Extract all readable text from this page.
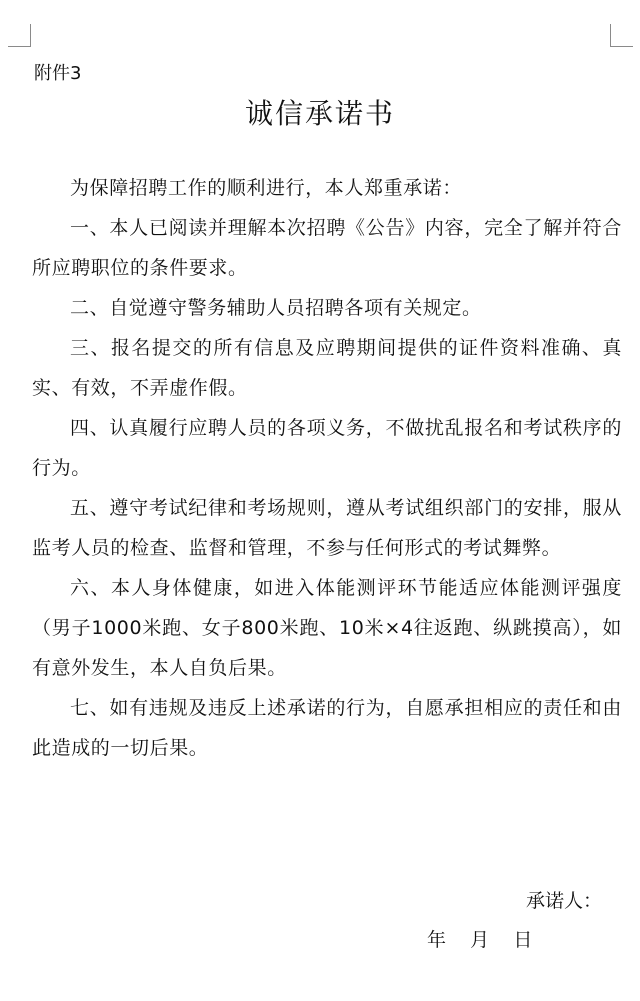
附件3
诚信承诺书

为保障招聘工作的顺利进行，本人郑重承诺：

一、本人已阅读并理解本次招聘《公告》内容，完全了解并符合所应聘职位的条件要求。

二、自觉遵守警务辅助人员招聘各项有关规定。

三、报名提交的所有信息及应聘期间提供的证件资料准确、真实、有效，不弄虚作假。

四、认真履行应聘人员的各项义务，不做扰乱报名和考试秩序的行为。

五、遵守考试纪律和考场规则，遵从考试组织部门的安排，服从监考人员的检查、监督和管理，不参与任何形式的考试舞弊。

六、本人身体健康，如进入体能测评环节能适应体能测评强度（男子1000米跑、女子800米跑、10米×4往返跑、纵跳摸高），如有意外发生，本人自负后果。

七、如有违规及违反上述承诺的行为，自愿承担相应的责任和由此造成的一切后果。

承诺人：
年    月    日
